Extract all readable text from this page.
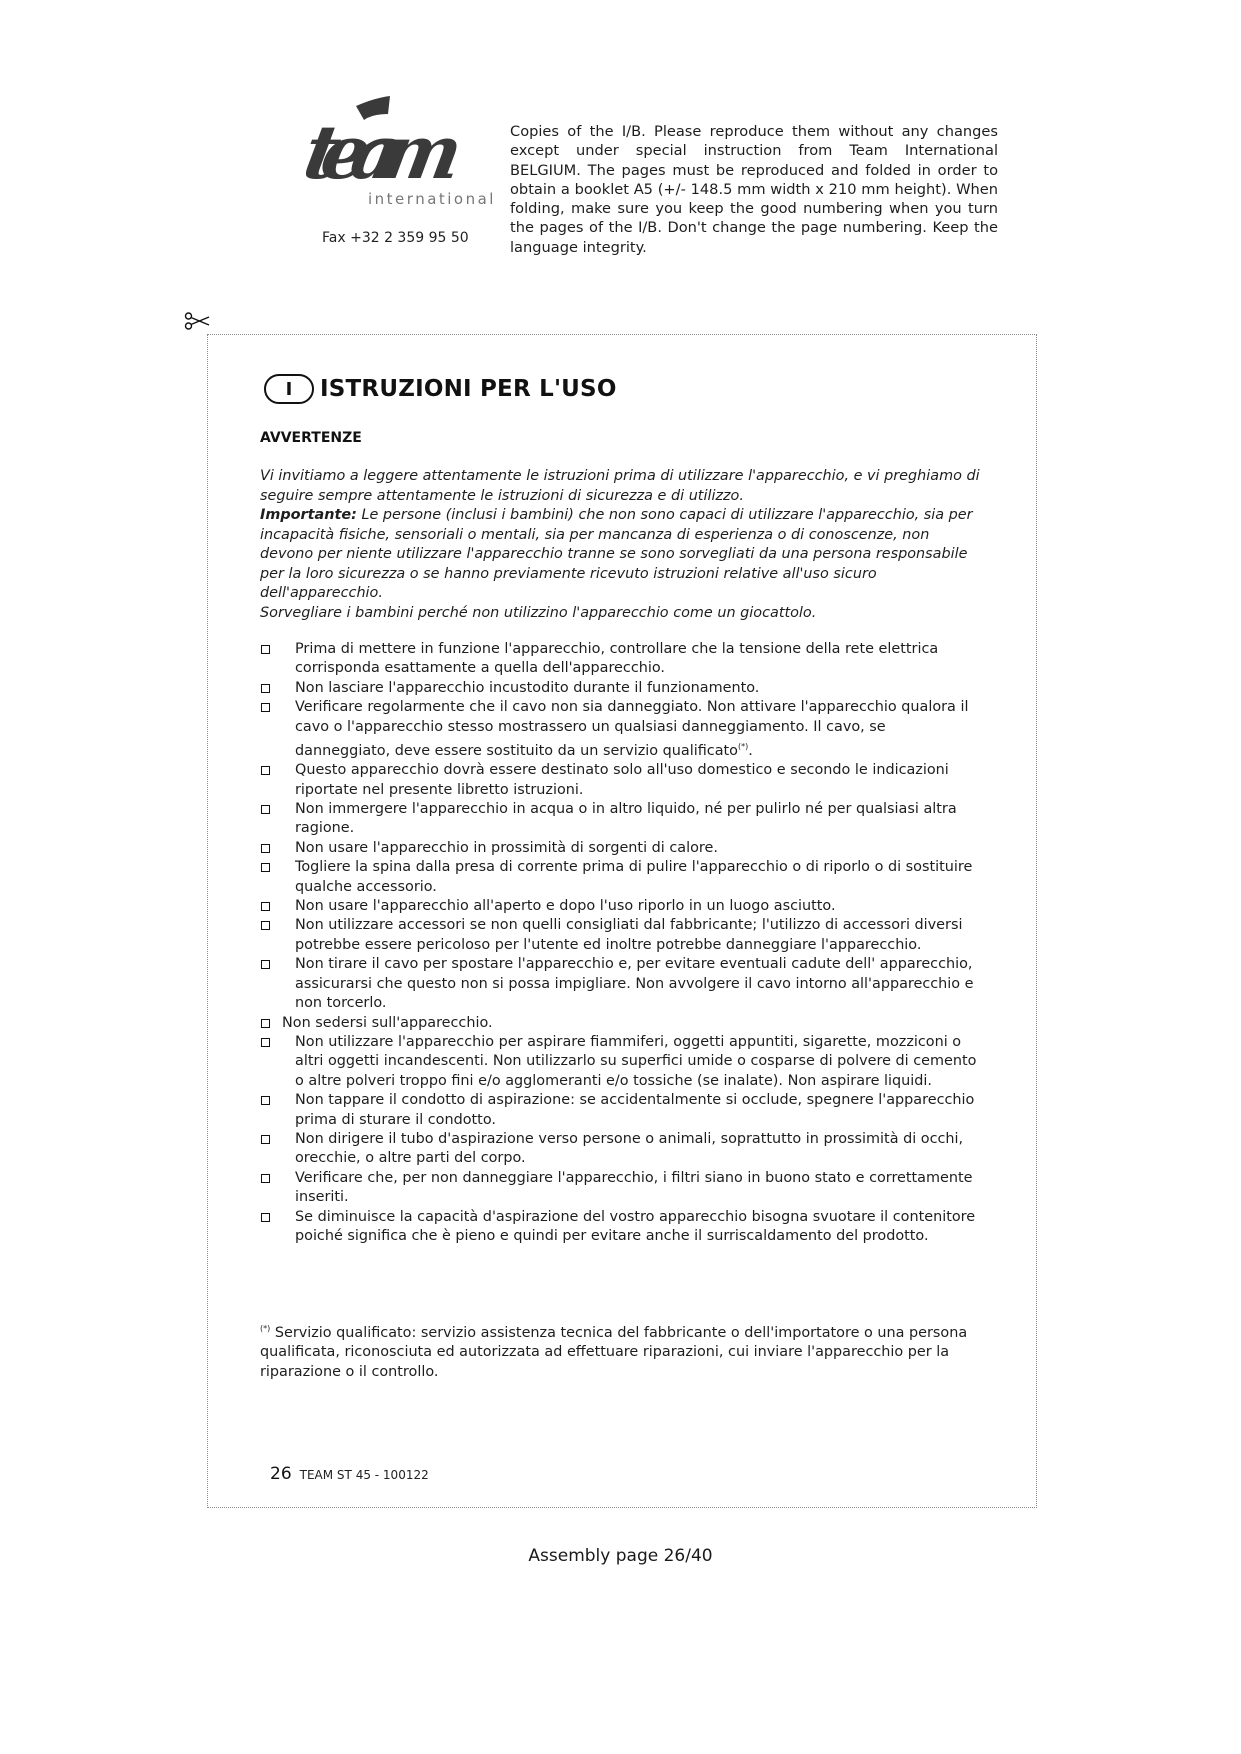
team
international
Fax +32 2 359 95 50
Copies of the I/B. Please reproduce them without any changes except under special instruction from Team International BELGIUM. The pages must be reproduced and folded in order to obtain a booklet A5 (+/- 148.5 mm width x 210 mm height). When folding, make sure you keep the good numbering when you turn the pages of the I/B. Don't change the page numbering. Keep the language integrity.
I	ISTRUZIONI PER L'USO
AVVERTENZE

Vi invitiamo a leggere attentamente le istruzioni prima di utilizzare l'apparecchio, e vi preghiamo di seguire sempre attentamente le istruzioni di sicurezza e di utilizzo.

Importante: Le persone (inclusi i bambini) che non sono capaci di utilizzare l'apparecchio, sia per incapacità fisiche, sensoriali o mentali, sia per mancanza di esperienza o di conoscenze, non devono per niente utilizzare l'apparecchio tranne se sono sorvegliati da una persona responsabile per la loro sicurezza o se hanno previamente ricevuto istruzioni relative all'uso sicuro dell'apparecchio.

Sorvegliare i bambini perché non utilizzino l'apparecchio come un giocattolo.

Prima di mettere in funzione l'apparecchio, controllare che la tensione della rete elettrica corrisponda esattamente a quella dell'apparecchio.
Non lasciare l'apparecchio incustodito durante il funzionamento.
Verificare regolarmente che il cavo non sia danneggiato. Non attivare l'apparecchio qualora il cavo o l'apparecchio stesso mostrassero un qualsiasi danneggiamento. Il cavo, se danneggiato, deve essere sostituito da un servizio qualificato(*).
Questo apparecchio dovrà essere destinato solo all'uso domestico e secondo le indicazioni riportate nel presente libretto istruzioni.
Non immergere l'apparecchio in acqua o in altro liquido, né per pulirlo né per qualsiasi altra ragione.
Non usare l'apparecchio in prossimità di sorgenti di calore.
Togliere la spina dalla presa di corrente prima di pulire l'apparecchio o di riporlo o di sostituire qualche accessorio.
Non usare l'apparecchio all'aperto e dopo l'uso riporlo in un luogo asciutto.
Non utilizzare accessori se non quelli consigliati dal fabbricante; l'utilizzo di accessori diversi potrebbe essere pericoloso per l'utente ed inoltre potrebbe danneggiare l'apparecchio.
Non tirare il cavo per spostare l'apparecchio e, per evitare eventuali cadute dell' apparecchio, assicurarsi che questo non si possa impigliare. Non avvolgere il cavo intorno all'apparecchio e non torcerlo.
Non sedersi sull'apparecchio.
Non utilizzare l'apparecchio per aspirare fiammiferi, oggetti appuntiti, sigarette, mozziconi o altri oggetti incandescenti. Non utilizzarlo su superfici umide o cosparse di polvere di cemento o altre polveri troppo fini e/o agglomeranti e/o tossiche (se inalate). Non aspirare liquidi.
Non tappare il condotto di aspirazione: se accidentalmente si occlude, spegnere l'apparecchio prima di sturare il condotto.
Non dirigere il tubo d'aspirazione verso persone o animali, soprattutto in prossimità di occhi, orecchie, o altre parti del corpo.
Verificare che, per non danneggiare l'apparecchio, i filtri siano in buono stato e correttamente inseriti.
Se diminuisce la capacità d'aspirazione del vostro apparecchio bisogna svuotare il contenitore poiché significa che è pieno e quindi per evitare anche il surriscaldamento del prodotto.
(*) Servizio qualificato: servizio assistenza tecnica del fabbricante o dell'importatore o una persona qualificata, riconosciuta ed autorizzata ad effettuare riparazioni, cui inviare l'apparecchio per la riparazione o il controllo.
26 TEAM ST 45 - 100122
Assembly page 26/40
